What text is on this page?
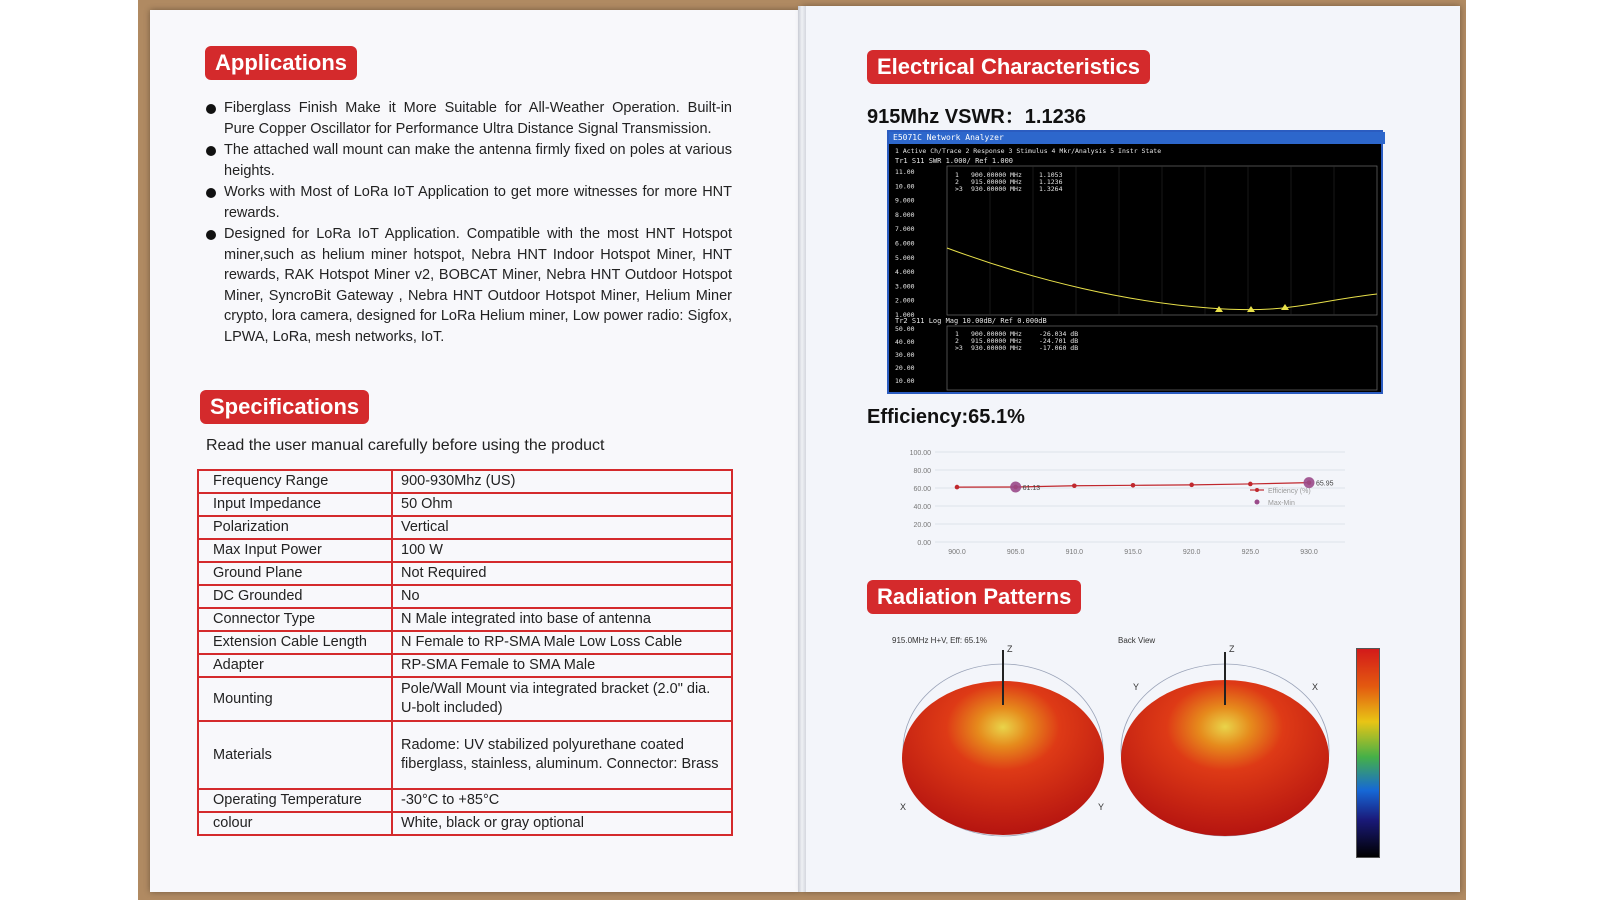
Applications
Fiberglass Finish Make it More Suitable for All-Weather Operation. Built-in Pure Copper Oscillator for Performance Ultra Distance Signal Transmission.
The attached wall mount can make the antenna firmly fixed on poles at various heights.
Works with Most of LoRa IoT Application to get more witnesses for more HNT rewards.
Designed for LoRa IoT Application. Compatible with the most HNT Hotspot miner,such as helium miner hotspot, Nebra HNT Indoor Hotspot Miner, HNT rewards, RAK Hotspot Miner v2, BOBCAT Miner, Nebra HNT Outdoor Hotspot Miner, SyncroBit Gateway , Nebra HNT Outdoor Hotspot Miner, Helium Miner crypto, lora camera, designed for LoRa Helium miner, Low power radio: Sigfox, LPWA, LoRa, mesh networks, IoT.
Specifications
Read the user manual carefully before using the product
Frequency Range	900-930Mhz (US)
Input Impedance	50 Ohm
Polarization	Vertical
Max Input Power	100 W
Ground Plane	Not Required
DC Grounded	No
Connector Type	N Male integrated into base of antenna
Extension Cable Length	N Female to RP-SMA Male Low Loss Cable
Adapter	RP-SMA Female to SMA Male
Mounting	Pole/Wall Mount via integrated bracket (2.0" dia. U-bolt included)
Materials	Radome: UV stabilized polyurethane coated fiberglass, stainless, aluminum. Connector: Brass
Operating Temperature	-30°C to +85°C
colour	White, black or gray optional
Electrical Characteristics
915Mhz VSWR：1.1236
E5071C Network Analyzer
1 Active Ch/Trace 2 Response 3 Stimulus 4 Mkr/Analysis 5 Instr State
Tr1 S11 SWR 1.000/ Ref 1.000
11.00
10.00
9.000
8.000
7.000
6.000
5.000
4.000
3.000
2.000
1.000
1 900.00000 MHz	1.1053
2 915.00000 MHz	1.1236
>3 930.00000 MHz	1.3264
Tr2 S11 Log Mag 10.00dB/ Ref 0.000dB
50.00
40.00
30.00
20.00
10.00
1 900.00000 MHz	-26.034 dB
2 915.00000 MHz	-24.701 dB
>3 930.00000 MHz	-17.060 dB
Efficiency:65.1%
0.00
20.00
40.00
60.00
80.00
100.00
900.0	905.0	910.0	915.0	920.0	925.0	930.0
61.13
65.95
Efficiency (%)
Max-Min
Radiation Patterns
915.0MHz H+V, Eff: 65.1%	Back View
Z
X	Y
Z
Y	X
